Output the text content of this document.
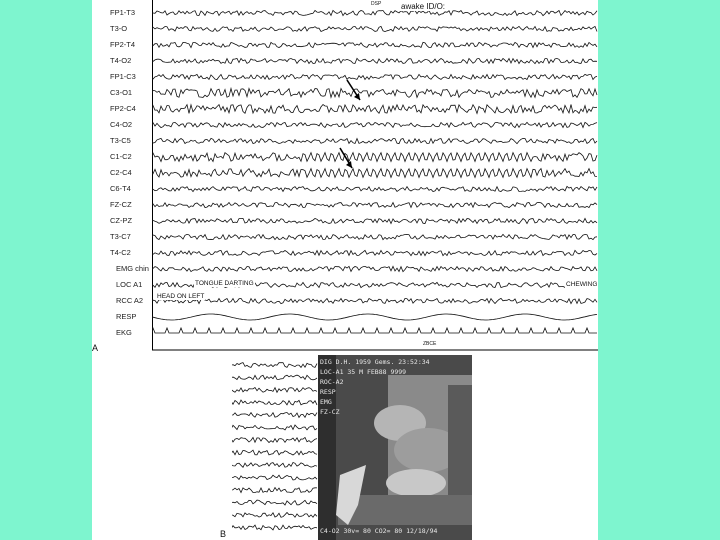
FP1-T3
T3-O
FP2-T4
T4-O2
FP1-C3
C3-O1
FP2-C4
C4-O2
T3-C5
C1-C2
C2-C4
C6-T4
FZ-CZ
CZ-PZ
T3-C7
T4-C2
EMG chin
LOC A1
RCC A2
RESP
EKG
awake ID/O:
DSP
TONGUE DARTING
HEAD ON LEFT
CHEWING
ZBCE
A
DIG D.H. 1959 Gems. 23:52:34
LOC-A1 35 M FEB88 9999
ROC-A2
RESP
EMG
FZ-CZ
C4-O2 30v= 80 CO2= 80 12/18/94
B
